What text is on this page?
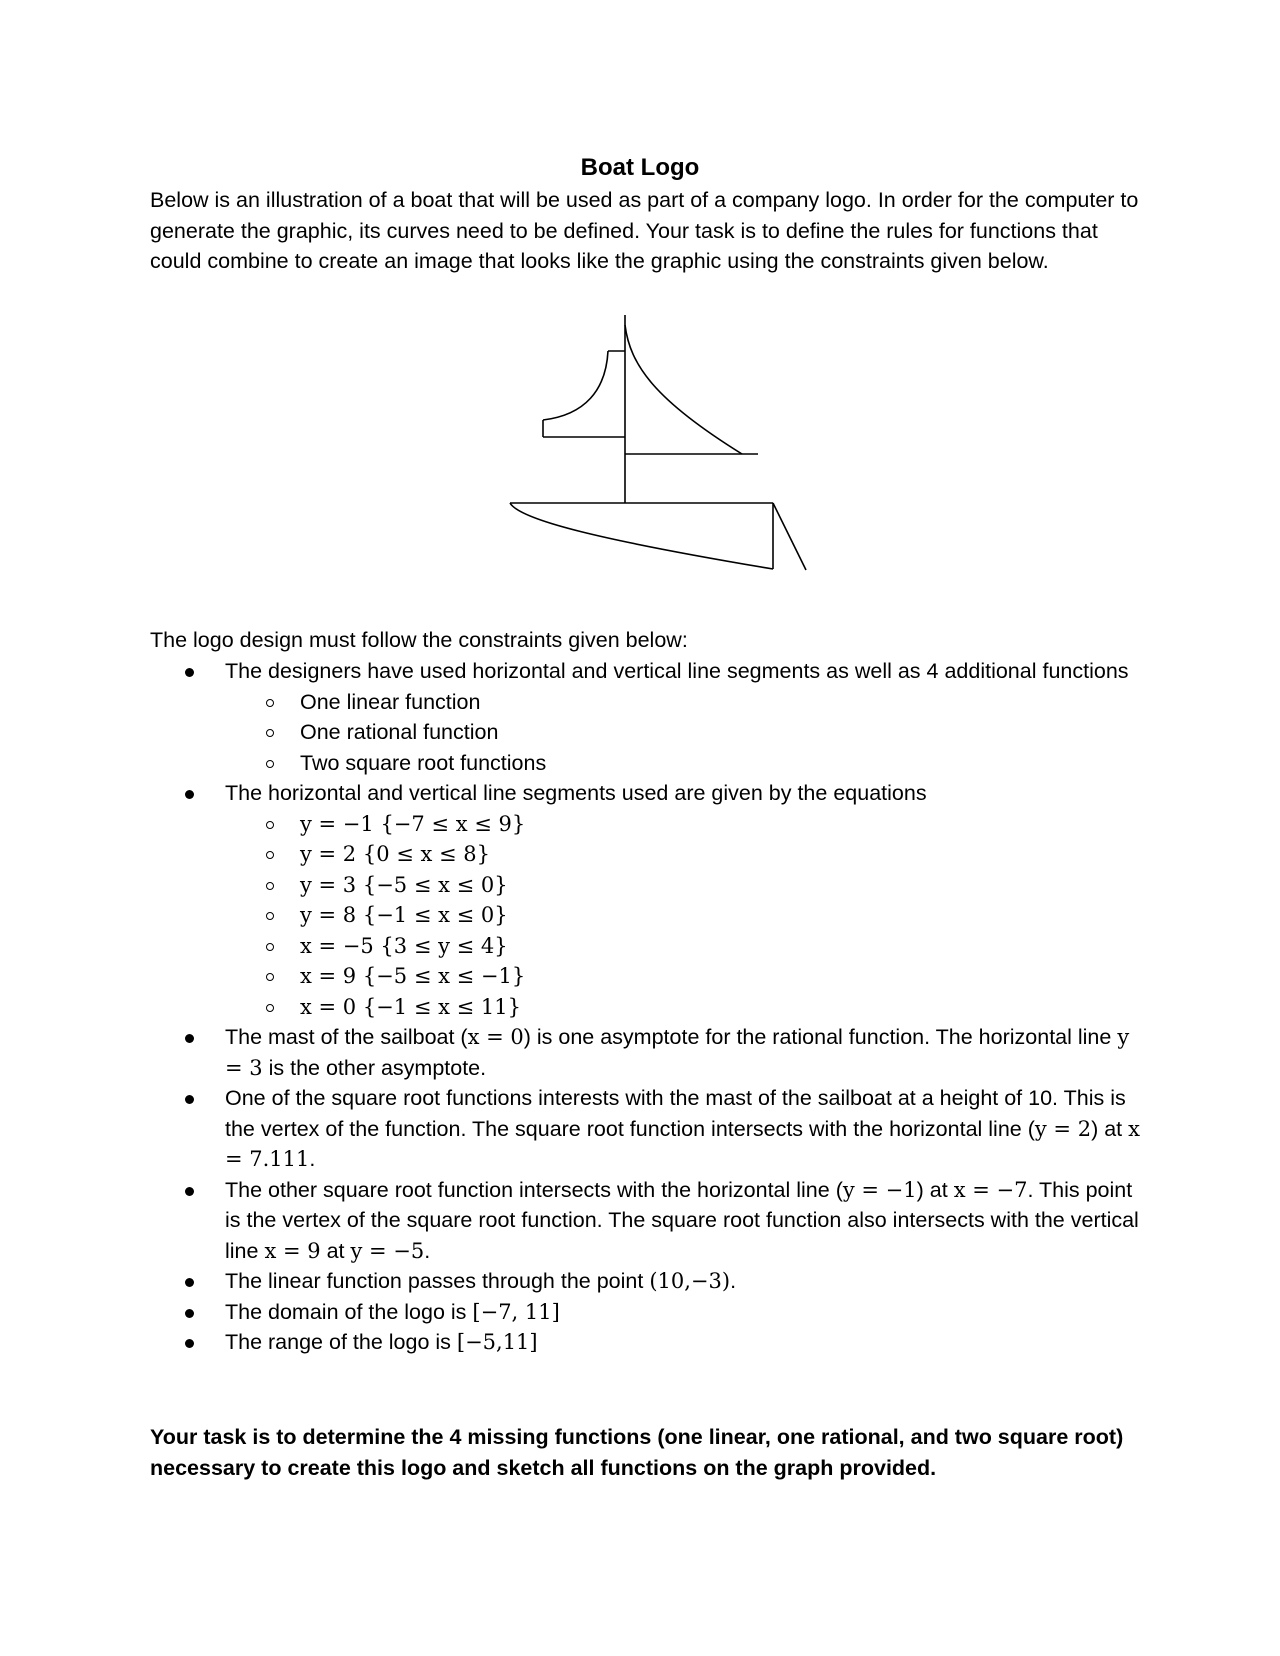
Boat Logo
Below is an illustration of a boat that will be used as part of a company logo. In order for the computer to generate the graphic, its curves need to be defined. Your task is to define the rules for functions that could combine to create an image that looks like the graphic using the constraints given below.
The logo design must follow the constraints given below:
The designers have used horizontal and vertical line segments as well as 4 additional functions
One linear function
One rational function
Two square root functions
The horizontal and vertical line segments used are given by the equations
y = −1 {−7 ≤ x ≤ 9}
y = 2 {0 ≤ x ≤ 8}
y = 3 {−5 ≤ x ≤ 0}
y = 8 {−1 ≤ x ≤ 0}
x = −5 {3 ≤ y ≤ 4}
x = 9 {−5 ≤ x ≤ −1}
x = 0 {−1 ≤ x ≤ 11}
The mast of the sailboat (x = 0) is one asymptote for the rational function. The horizontal line y = 3 is the other asymptote.
One of the square root functions interests with the mast of the sailboat at a height of 10. This is the vertex of the function. The square root function intersects with the horizontal line (y = 2) at x = 7.111.
The other square root function intersects with the horizontal line (y = −1) at x = −7. This point is the vertex of the square root function. The square root function also intersects with the vertical line x = 9 at y = −5.
The linear function passes through the point (10,−3).
The domain of the logo is [−7, 11]
The range of the logo is [−5,11]
Your task is to determine the 4 missing functions (one linear, one rational, and two square root) necessary to create this logo and sketch all functions on the graph provided.
